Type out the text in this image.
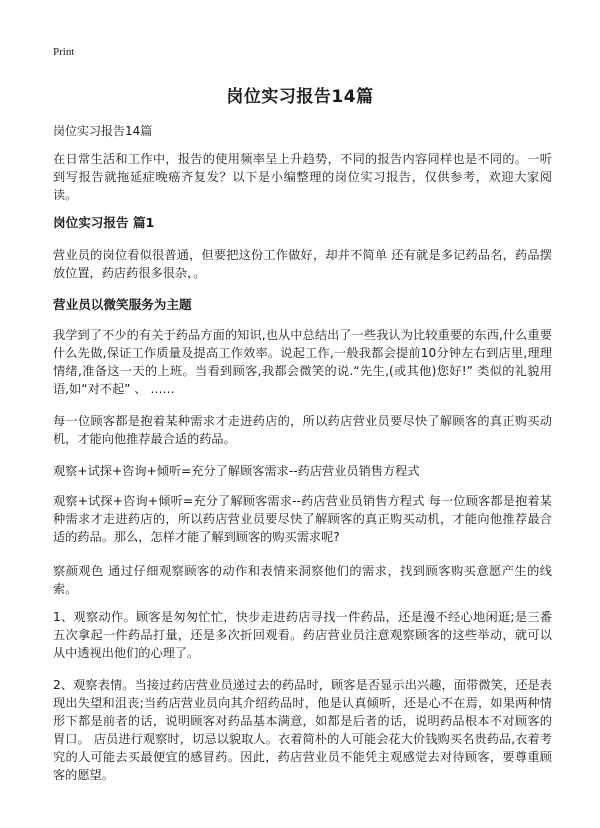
Print
岗位实习报告14篇
岗位实习报告14篇
在日常生活和工作中，报告的使用频率呈上升趋势，不同的报告内容同样也是不同的。一听到写报告就拖延症晚癌齐复发？以下是小编整理的岗位实习报告，仅供参考，欢迎大家阅读。
岗位实习报告 篇1
营业员的岗位看似很普通，但要把这份工作做好，却并不简单 还有就是多记药品名，药品摆放位置，药店药很多很杂，。
营业员以微笑服务为主题
我学到了不少的有关于药品方面的知识,也从中总结出了一些我认为比较重要的东西,什么重要什么先做,保证工作质量及提高工作效率。说起工作,一般我都会提前10分钟左右到店里,理理情绪,准备这一天的上班。当看到顾客,我都会微笑的说.“先生,(或其他)您好!” 类似的礼貌用语,如“对不起” 、 ……
每一位顾客都是抱着某种需求才走进药店的，所以药店营业员要尽快了解顾客的真正购买动机，才能向他推荐最合适的药品。
观察+试探+咨询+倾听=充分了解顾客需求--药店营业员销售方程式
观察+试探+咨询+倾听=充分了解顾客需求--药店营业员销售方程式 每一位顾客都是抱着某种需求才走进药店的，所以药店营业员要尽快了解顾客的真正购买动机，才能向他推荐最合适的药品。那么，怎样才能了解到顾客的购买需求呢?
察颜观色 通过仔细观察顾客的动作和表情来洞察他们的需求，找到顾客购买意愿产生的线索。
1、观察动作。顾客是匆匆忙忙，快步走进药店寻找一件药品，还是漫不经心地闲逛;是三番五次拿起一件药品打量，还是多次折回观看。药店营业员注意观察顾客的这些举动，就可以从中透视出他们的心理了。
2、观察表情。当接过药店营业员递过去的药品时，顾客是否显示出兴趣，面带微笑，还是表现出失望和沮丧;当药店营业员向其介绍药品时，他是认真倾听，还是心不在焉，如果两种情形下都是前者的话，说明顾客对药品基本满意，如都是后者的话，说明药品根本不对顾客的胃口。 店员进行观察时，切忌以貌取人。衣着简朴的人可能会花大价钱购买名贵药品,衣着考究的人可能去买最便宜的感冒药。因此，药店营业员不能凭主观感觉去对待顾客，要尊重顾客的愿望。
